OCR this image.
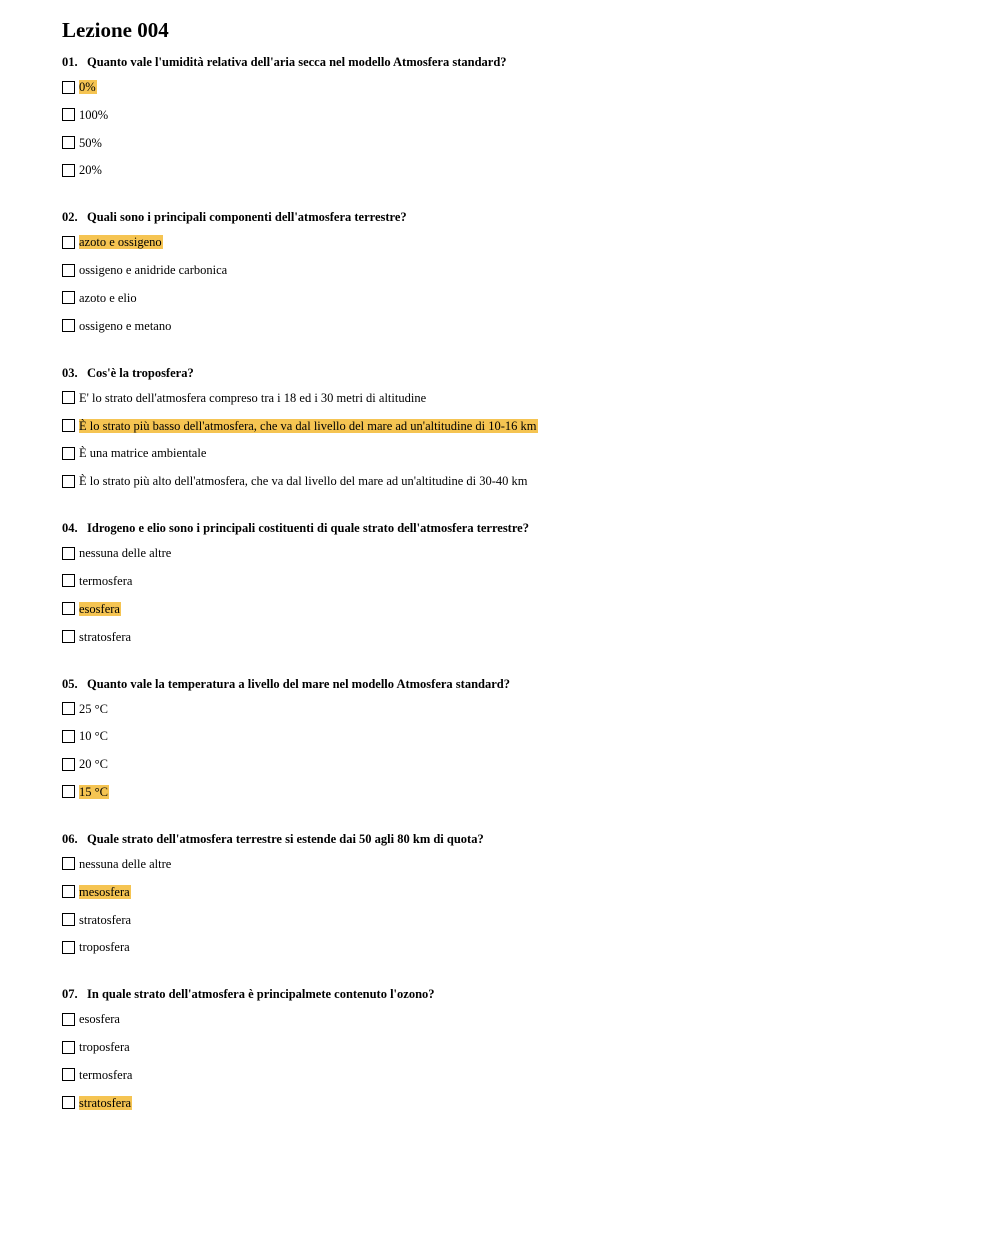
Lezione 004
01. Quanto vale l'umidità relativa dell'aria secca nel modello Atmosfera standard?
0%
100%
50%
20%
02. Quali sono i principali componenti dell'atmosfera terrestre?
azoto e ossigeno
ossigeno e anidride carbonica
azoto e elio
ossigeno e metano
03. Cos'è la troposfera?
E' lo strato dell'atmosfera compreso tra i 18 ed i 30 metri di altitudine
È lo strato più basso dell'atmosfera, che va dal livello del mare ad un'altitudine di 10-16 km
È una matrice ambientale
È lo strato più alto dell'atmosfera, che va dal livello del mare ad un'altitudine di 30-40 km
04. Idrogeno e elio sono i principali costituenti di quale strato dell'atmosfera terrestre?
nessuna delle altre
termosfera
esosfera
stratosfera
05. Quanto vale la temperatura a livello del mare nel modello Atmosfera standard?
25 °C
10 °C
20 °C
15 °C
06. Quale strato dell'atmosfera terrestre si estende dai 50 agli 80 km di quota?
nessuna delle altre
mesosfera
stratosfera
troposfera
07. In quale strato dell'atmosfera è principalmete contenuto l'ozono?
esosfera
troposfera
termosfera
stratosfera
